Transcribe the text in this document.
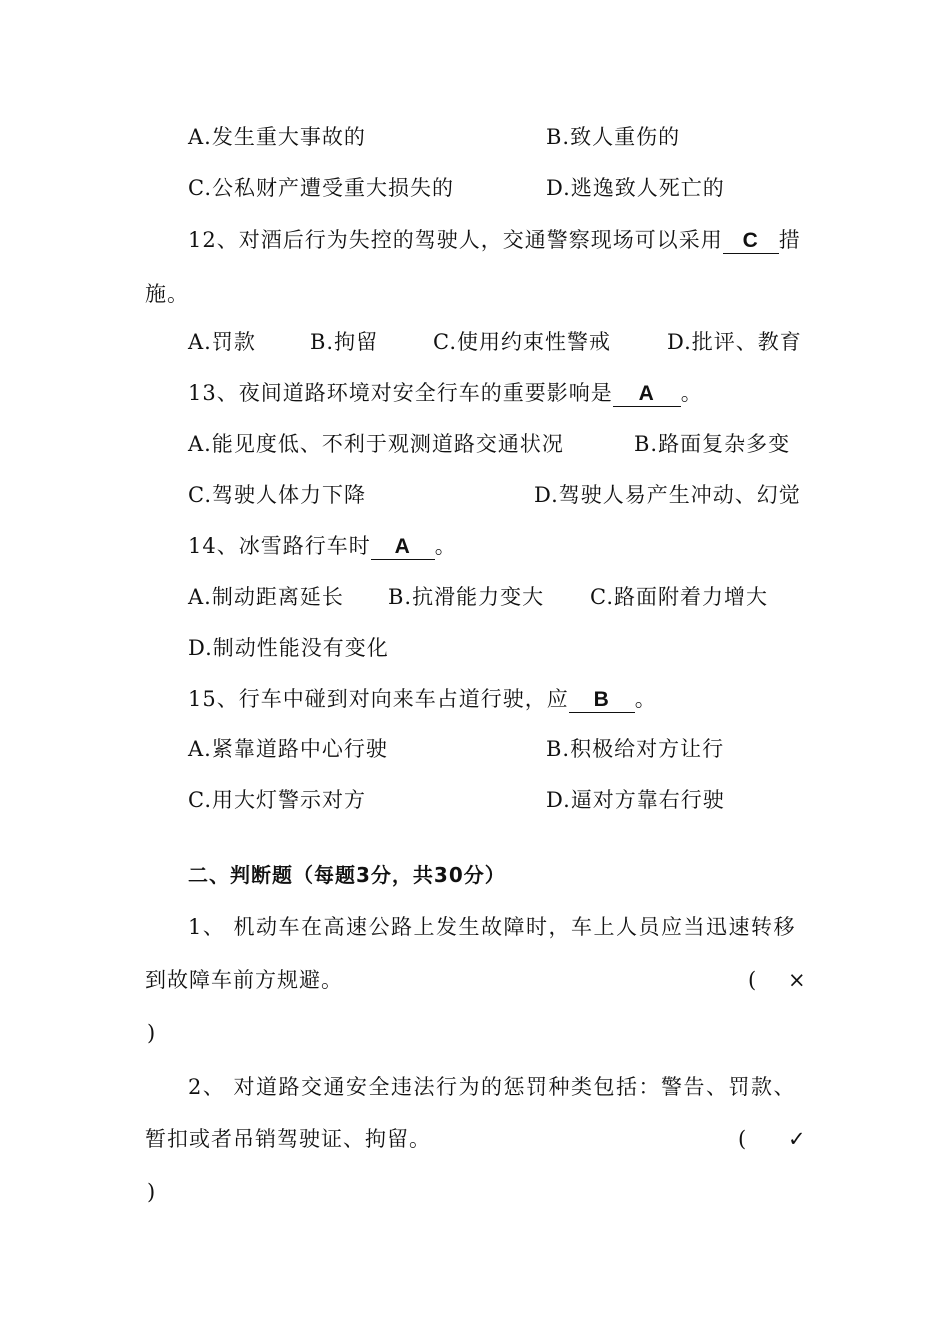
A.发生重大事故的	B.致人重伤的
C.公私财产遭受重大损失的	D.逃逸致人死亡的
12、对酒后行为失控的驾驶人，交通警察现场可以采用 C 措
施。
A.罚款	B.拘留	C.使用约束性警戒	D.批评、教育
13、夜间道路环境对安全行车的重要影响是 A 。
A.能见度低、不利于观测道路交通状况	B.路面复杂多变
C.驾驶人体力下降	D.驾驶人易产生冲动、幻觉
14、冰雪路行车时 A 。
A.制动距离延长 B.抗滑能力变大 C.路面附着力增大
D.制动性能没有变化
15、行车中碰到对向来车占道行驶，应 B 。
A.紧靠道路中心行驶	B.积极给对方让行
C.用大灯警示对方	D.逼对方靠右行驶
二、判断题（每题3分，共30分）
1、 机动车在高速公路上发生故障时，车上人员应当迅速转移
到故障车前方规避。	( ×
)
2、 对道路交通安全违法行为的惩罚种类包括：警告、罚款、
暂扣或者吊销驾驶证、拘留。	( ✓
)
